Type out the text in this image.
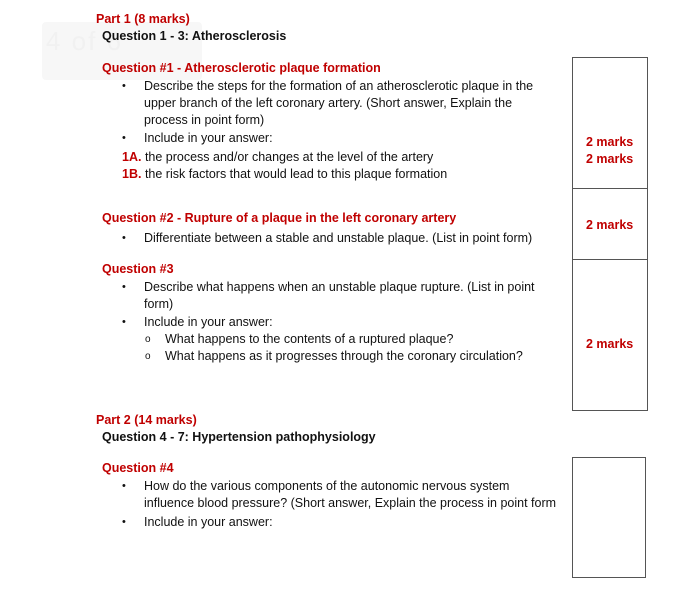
4 of 6
Part 1 (8 marks)
Question 1 - 3: Atherosclerosis
Question #1 - Atherosclerotic plaque formation
• Describe the steps for the formation of an atherosclerotic plaque in the
upper branch of the left coronary artery. (Short answer, Explain the
process in point form)
• Include in your answer:
1A. the process and/or changes at the level of the artery
1B. the risk factors that would lead to this plaque formation
Question #2 - Rupture of a plaque in the left coronary artery
• Differentiate between a stable and unstable plaque. (List in point form)
Question #3
• Describe what happens when an unstable plaque rupture. (List in point
form)
• Include in your answer:
o What happens to the contents of a ruptured plaque?
o What happens as it progresses through the coronary circulation?
2 marks
2 marks
2 marks
2 marks
Part 2 (14 marks)
Question 4 - 7: Hypertension pathophysiology
Question #4
• How do the various components of the autonomic nervous system
influence blood pressure? (Short answer, Explain the process in point form
• Include in your answer:
